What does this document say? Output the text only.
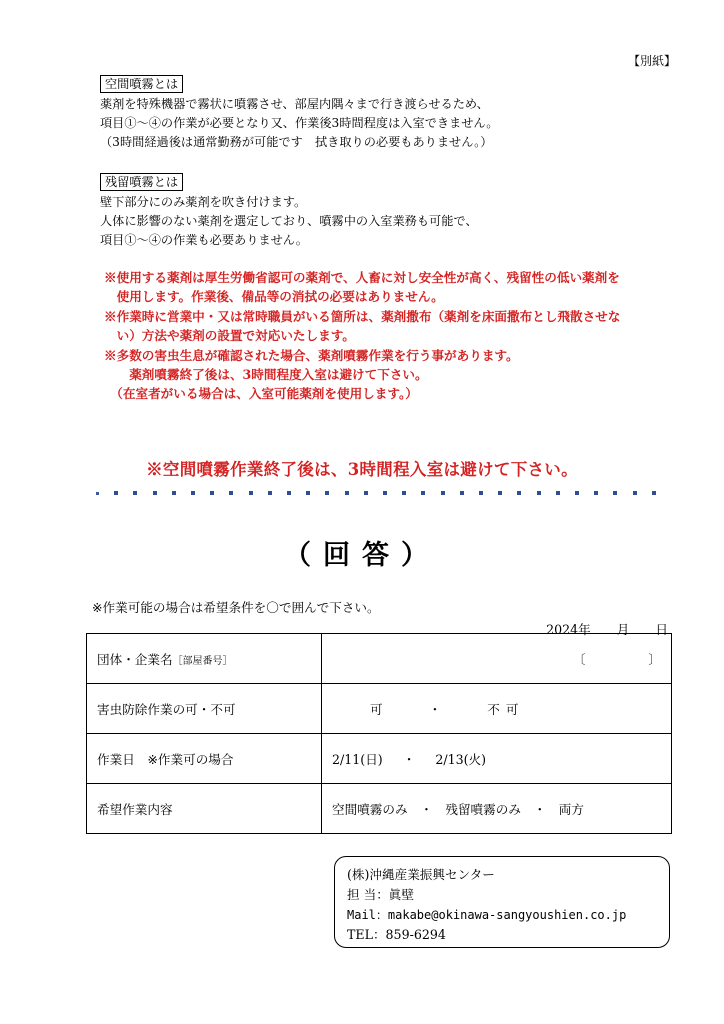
【別紙】
空間噴霧とは
薬剤を特殊機器で霧状に噴霧させ、部屋内隅々まで行き渡らせるため、
項目①～④の作業が必要となり又、作業後3時間程度は入室できません。
（3時間経過後は通常勤務が可能です　拭き取りの必要もありません。）
残留噴霧とは
壁下部分にのみ薬剤を吹き付けます。
人体に影響のない薬剤を選定しており、噴霧中の入室業務も可能で、
項目①～④の作業も必要ありません。
※使用する薬剤は厚生労働省認可の薬剤で、人畜に対し安全性が高く、残留性の低い薬剤を
　使用します。作業後、備品等の消拭の必要はありません。
※作業時に営業中・又は常時職員がいる箇所は、薬剤撒布（薬剤を床面撒布とし飛散させな
　い）方法や薬剤の設置で対応いたします。
※多数の害虫生息が確認された場合、薬剤噴霧作業を行う事があります。
　　薬剤噴霧終了後は、3時間程度入室は避けて下さい。
　（在室者がいる場合は、入室可能薬剤を使用します。）
※空間噴霧作業終了後は、3時間程入室は避けて下さい。
（回答）
※作業可能の場合は希望条件を〇で囲んで下さい。
2024年 月 日
団体・企業名［部屋番号］	〔　　　　　〕

害虫防除作業の可・不可	可 ・ 不可
作業日　※作業可の場合	2/11(日) ・ 2/13(火)
希望作業内容	空間噴霧のみ　・　残留噴霧のみ　・　両方
(株)沖縄産業振興センター
担 当：眞壁
Mail：makabe@okinawa-sangyoushien.co.jp
TEL：859-6294
